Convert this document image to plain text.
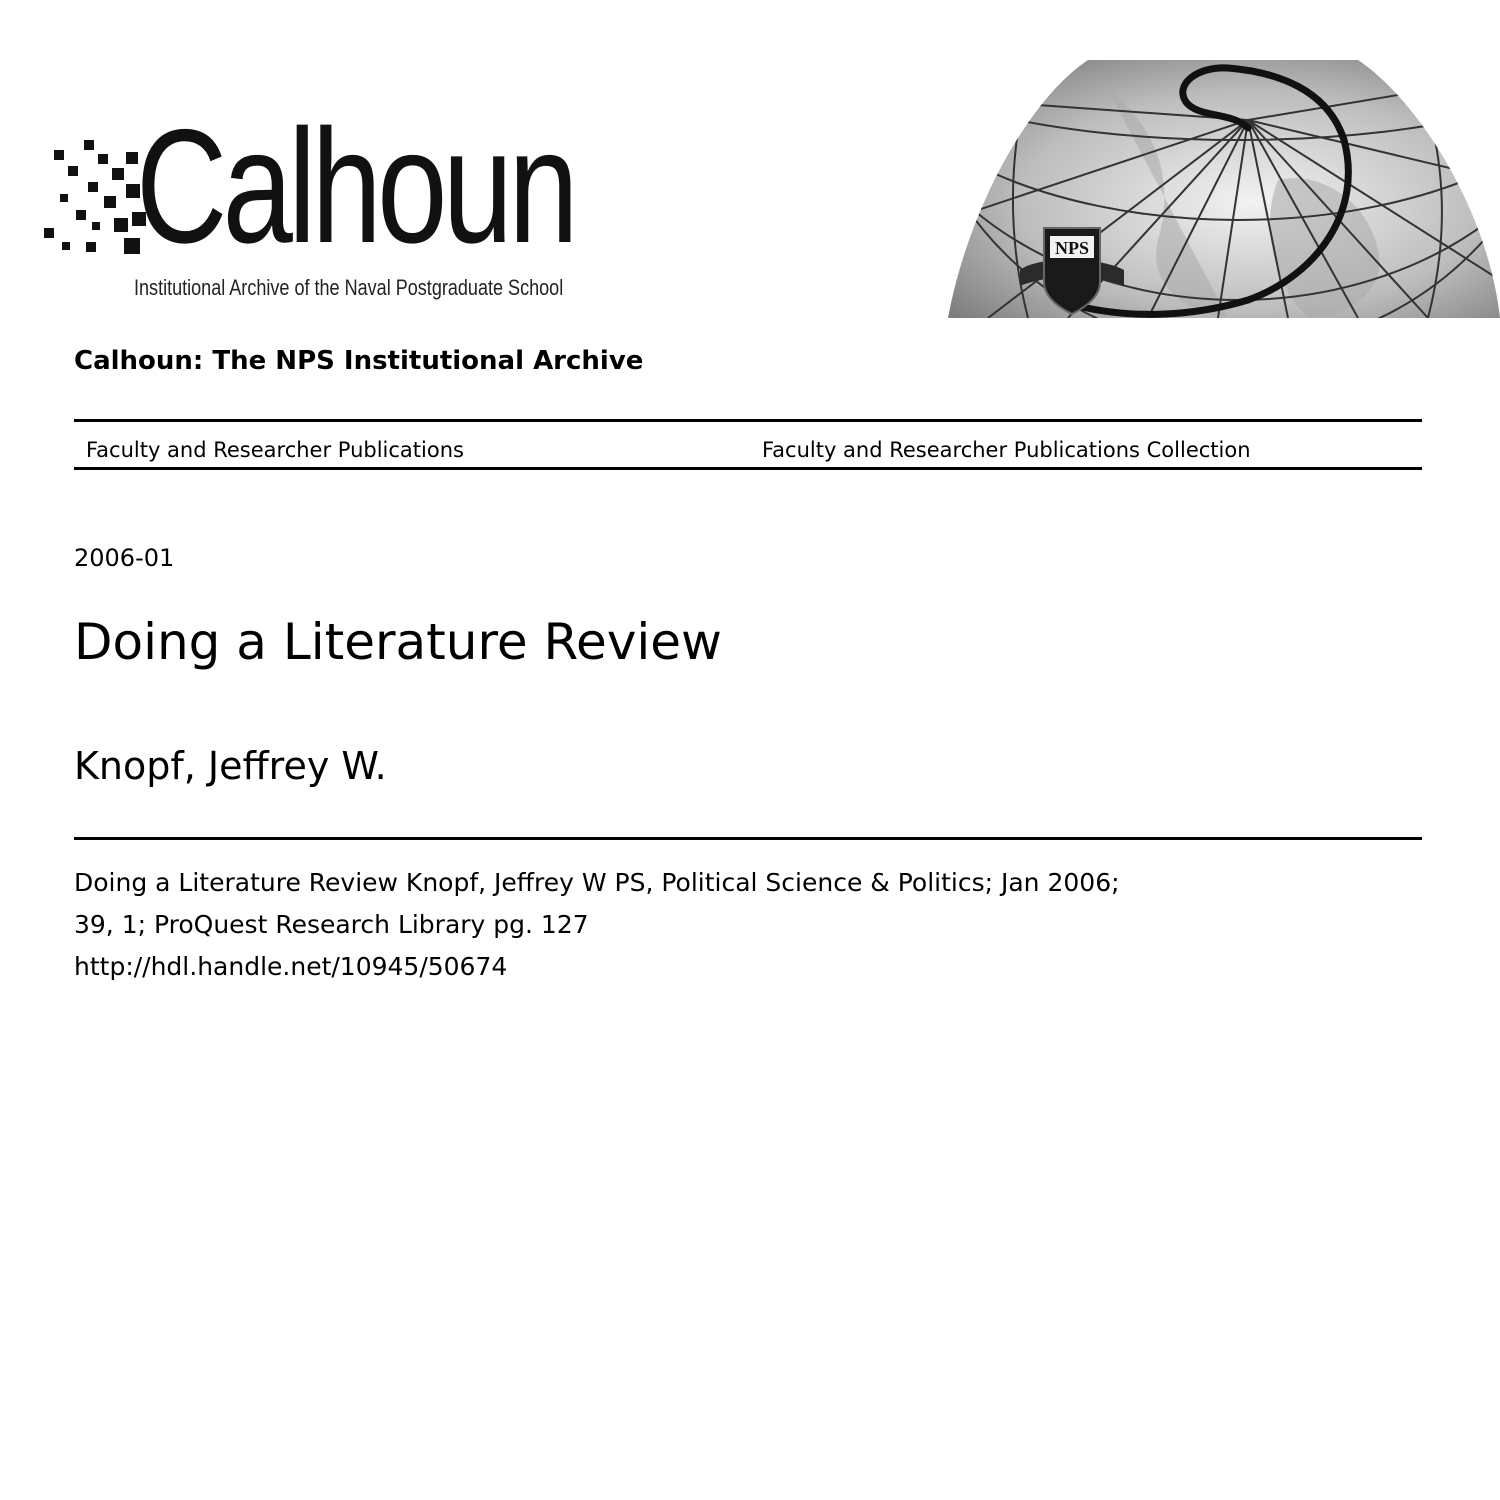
Calhoun

Institutional Archive of the Naval Postgraduate School

NPS

Calhoun: The NPS Institutional Archive

Faculty and Researcher Publications	Faculty and Researcher Publications Collection

2006-01

Doing a Literature Review
Knopf, Jeffrey W.

Doing a Literature Review Knopf, Jeffrey W PS, Political Science & Politics; Jan 2006;
39, 1; ProQuest Research Library pg. 127
http://hdl.handle.net/10945/50674
